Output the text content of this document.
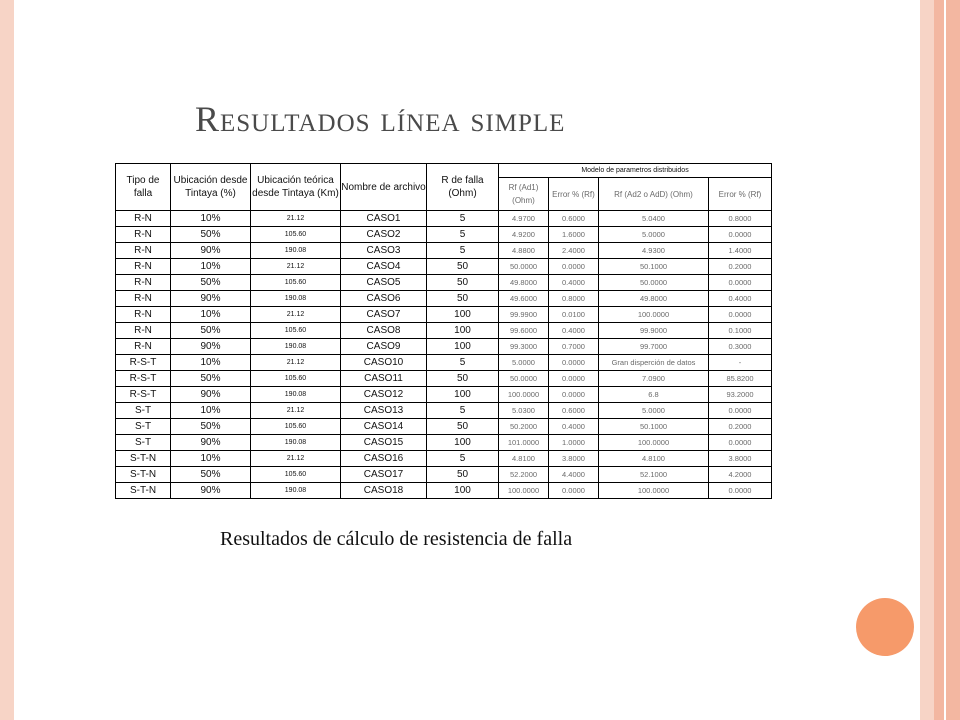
Resultados línea simple
Tipo de falla	Ubicación desde Tintaya (%)	Ubicación teórica desde Tintaya (Km)	Nombre de archivo	R de falla (Ohm)	Modelo de parametros distribuidos			
					Rf (Ad1) (Ohm)	Error % (Rf)	Rf (Ad2 o AdD) (Ohm)	Error % (Rf)
R-N	10%	21.12	CASO1	5	4.9700	0.6000	5.0400	0.8000
R-N	50%	105.60	CASO2	5	4.9200	1.6000	5.0000	0.0000
R-N	90%	190.08	CASO3	5	4.8800	2.4000	4.9300	1.4000
R-N	10%	21.12	CASO4	50	50.0000	0.0000	50.1000	0.2000
R-N	50%	105.60	CASO5	50	49.8000	0.4000	50.0000	0.0000
R-N	90%	190.08	CASO6	50	49.6000	0.8000	49.8000	0.4000
R-N	10%	21.12	CASO7	100	99.9900	0.0100	100.0000	0.0000
R-N	50%	105.60	CASO8	100	99.6000	0.4000	99.9000	0.1000
R-N	90%	190.08	CASO9	100	99.3000	0.7000	99.7000	0.3000
R-S-T	10%	21.12	CASO10	5	5.0000	0.0000	Gran disperción de datos	-
R-S-T	50%	105.60	CASO11	50	50.0000	0.0000	7.0900	85.8200
R-S-T	90%	190.08	CASO12	100	100.0000	0.0000	6.8	93.2000
S-T	10%	21.12	CASO13	5	5.0300	0.6000	5.0000	0.0000
S-T	50%	105.60	CASO14	50	50.2000	0.4000	50.1000	0.2000
S-T	90%	190.08	CASO15	100	101.0000	1.0000	100.0000	0.0000
S-T-N	10%	21.12	CASO16	5	4.8100	3.8000	4.8100	3.8000
S-T-N	50%	105.60	CASO17	50	52.2000	4.4000	52.1000	4.2000
S-T-N	90%	190.08	CASO18	100	100.0000	0.0000	100.0000	0.0000
Resultados de cálculo de resistencia de falla
